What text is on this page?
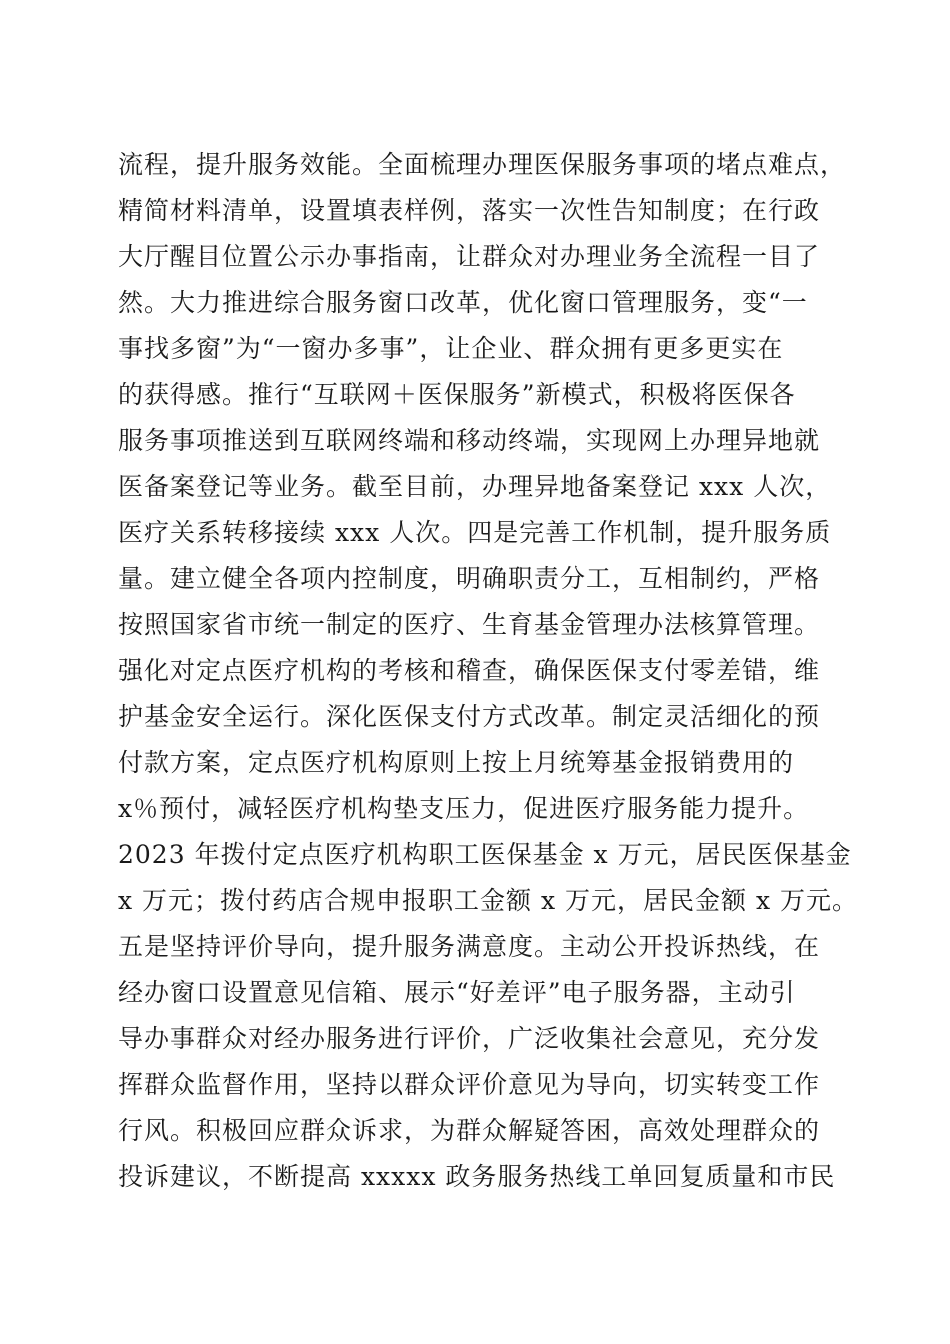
流程，提升服务效能。全面梳理办理医保服务事项的堵点难点，
精简材料清单，设置填表样例，落实一次性告知制度；在行政
大厅醒目位置公示办事指南，让群众对办理业务全流程一目了
然。大力推进综合服务窗口改革，优化窗口管理服务，变“一
事找多窗”为“一窗办多事”，让企业、群众拥有更多更实在
的获得感。推行“互联网＋医保服务”新模式，积极将医保各
服务事项推送到互联网终端和移动终端，实现网上办理异地就
医备案登记等业务。截至目前，办理异地备案登记 xxx 人次，
医疗关系转移接续 xxx 人次。四是完善工作机制，提升服务质
量。建立健全各项内控制度，明确职责分工，互相制约，严格
按照国家省市统一制定的医疗、生育基金管理办法核算管理。
强化对定点医疗机构的考核和稽查，确保医保支付零差错，维
护基金安全运行。深化医保支付方式改革。制定灵活细化的预
付款方案，定点医疗机构原则上按上月统筹基金报销费用的
x％预付，减轻医疗机构垫支压力，促进医疗服务能力提升。
2023 年拨付定点医疗机构职工医保基金 x 万元，居民医保基金
x 万元；拨付药店合规申报职工金额 x 万元，居民金额 x 万元。
五是坚持评价导向，提升服务满意度。主动公开投诉热线，在
经办窗口设置意见信箱、展示“好差评”电子服务器，主动引
导办事群众对经办服务进行评价，广泛收集社会意见，充分发
挥群众监督作用，坚持以群众评价意见为导向，切实转变工作
行风。积极回应群众诉求，为群众解疑答困，高效处理群众的
投诉建议，不断提高 xxxxx 政务服务热线工单回复质量和市民
